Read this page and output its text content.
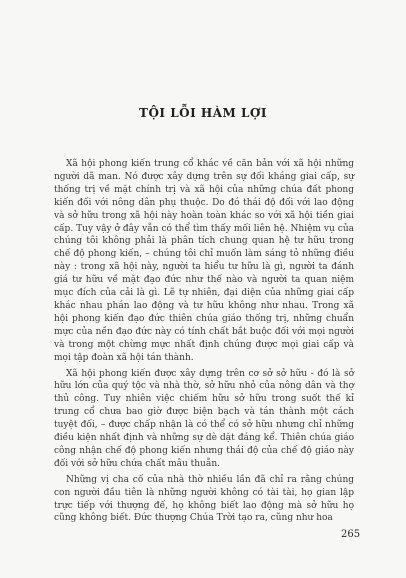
TỘI LỖI HÀM LỢI

Xã hội phong kiến trung cổ khác về căn bản với xã hội những người dã man. Nó được xây dựng trên sự đối kháng giai cấp, sự thống trị về mặt chính trị và xã hội của những chúa đất phong kiến đối với nông dân phụ thuộc. Do đó thái độ đối với lao động và sở hữu trong xã hội này hoàn toàn khác so với xã hội tiền giai cấp. Tuy vậy ở đây vẫn có thể tìm thấy mối liên hệ. Nhiệm vụ của chúng tôi không phải là phân tích chung quan hệ tư hữu trong chế độ phong kiến, – chúng tôi chỉ muốn làm sáng tỏ những điều này : trong xã hội này, người ta hiểu tư hữu là gì, người ta đánh giá tư hữu về mặt đạo đức như thế nào và người ta quan niệm mục đích của cải là gì. Lẽ tự nhiên, đại diện của những giai cấp khác nhau phán lao động và tư hữu không như nhau. Trong xã hội phong kiến đạo đức thiên chúa giáo thống trị, những chuẩn mực của nền đạo đức này có tính chất bắt buộc đối với mọi người và trong một chừng mực nhất định chúng được mọi giai cấp và mọi tập đoàn xã hội tán thành.

Xã hội phong kiến được xây dựng trên cơ sở sở hữu - đó là sở hữu lớn của quý tộc và nhà thờ, sở hữu nhỏ của nông dân và thợ thủ công. Tuy nhiên việc chiếm hữu sở hữu trong suốt thế kỉ trung cổ chưa bao giờ được biện bạch và tán thành một cách tuyệt đối, – được chấp nhận là có thể có sở hữu nhưng chỉ những điều kiện nhất định và những sự dè dặt đáng kể. Thiên chúa giáo công nhận chế độ phong kiến nhưng thái độ của chế độ giáo này đối với sở hữu chứa chất mâu thuẫn.

Những vị cha cố của nhà thờ nhiều lần đã chỉ ra rằng chúng con người đầu tiên là những người không có tài tài, họ gian lập trực tiếp với thượng đế, họ không biết lao động mà sở hữu họ cũng không biết. Đức thượng Chúa Trời tạo ra, cũng như hoa

265
